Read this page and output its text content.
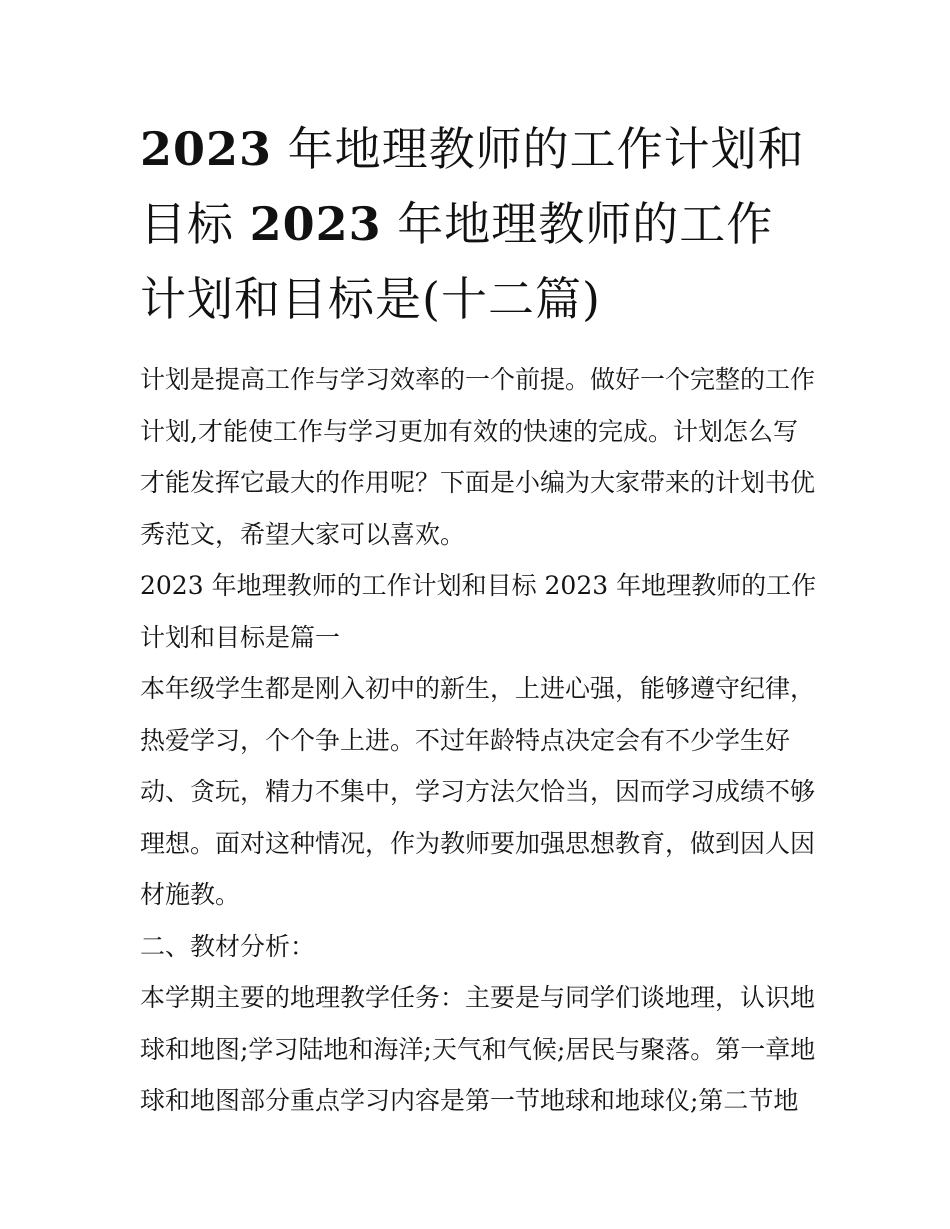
2023 年地理教师的工作计划和目标 2023 年地理教师的工作计划和目标是(十二篇)

计划是提高工作与学习效率的一个前提。做好一个完整的工作计划,才能使工作与学习更加有效的快速的完成。计划怎么写才能发挥它最大的作用呢？下面是小编为大家带来的计划书优秀范文，希望大家可以喜欢。

2023 年地理教师的工作计划和目标 2023 年地理教师的工作计划和目标是篇一

本年级学生都是刚入初中的新生，上进心强，能够遵守纪律，热爱学习，个个争上进。不过年龄特点决定会有不少学生好动、贪玩，精力不集中，学习方法欠恰当，因而学习成绩不够理想。面对这种情况，作为教师要加强思想教育，做到因人因材施教。

二、教材分析：

本学期主要的地理教学任务：主要是与同学们谈地理，认识地球和地图;学习陆地和海洋;天气和气候;居民与聚落。第一章地球和地图部分重点学习内容是第一节地球和地球仪;第二节地
